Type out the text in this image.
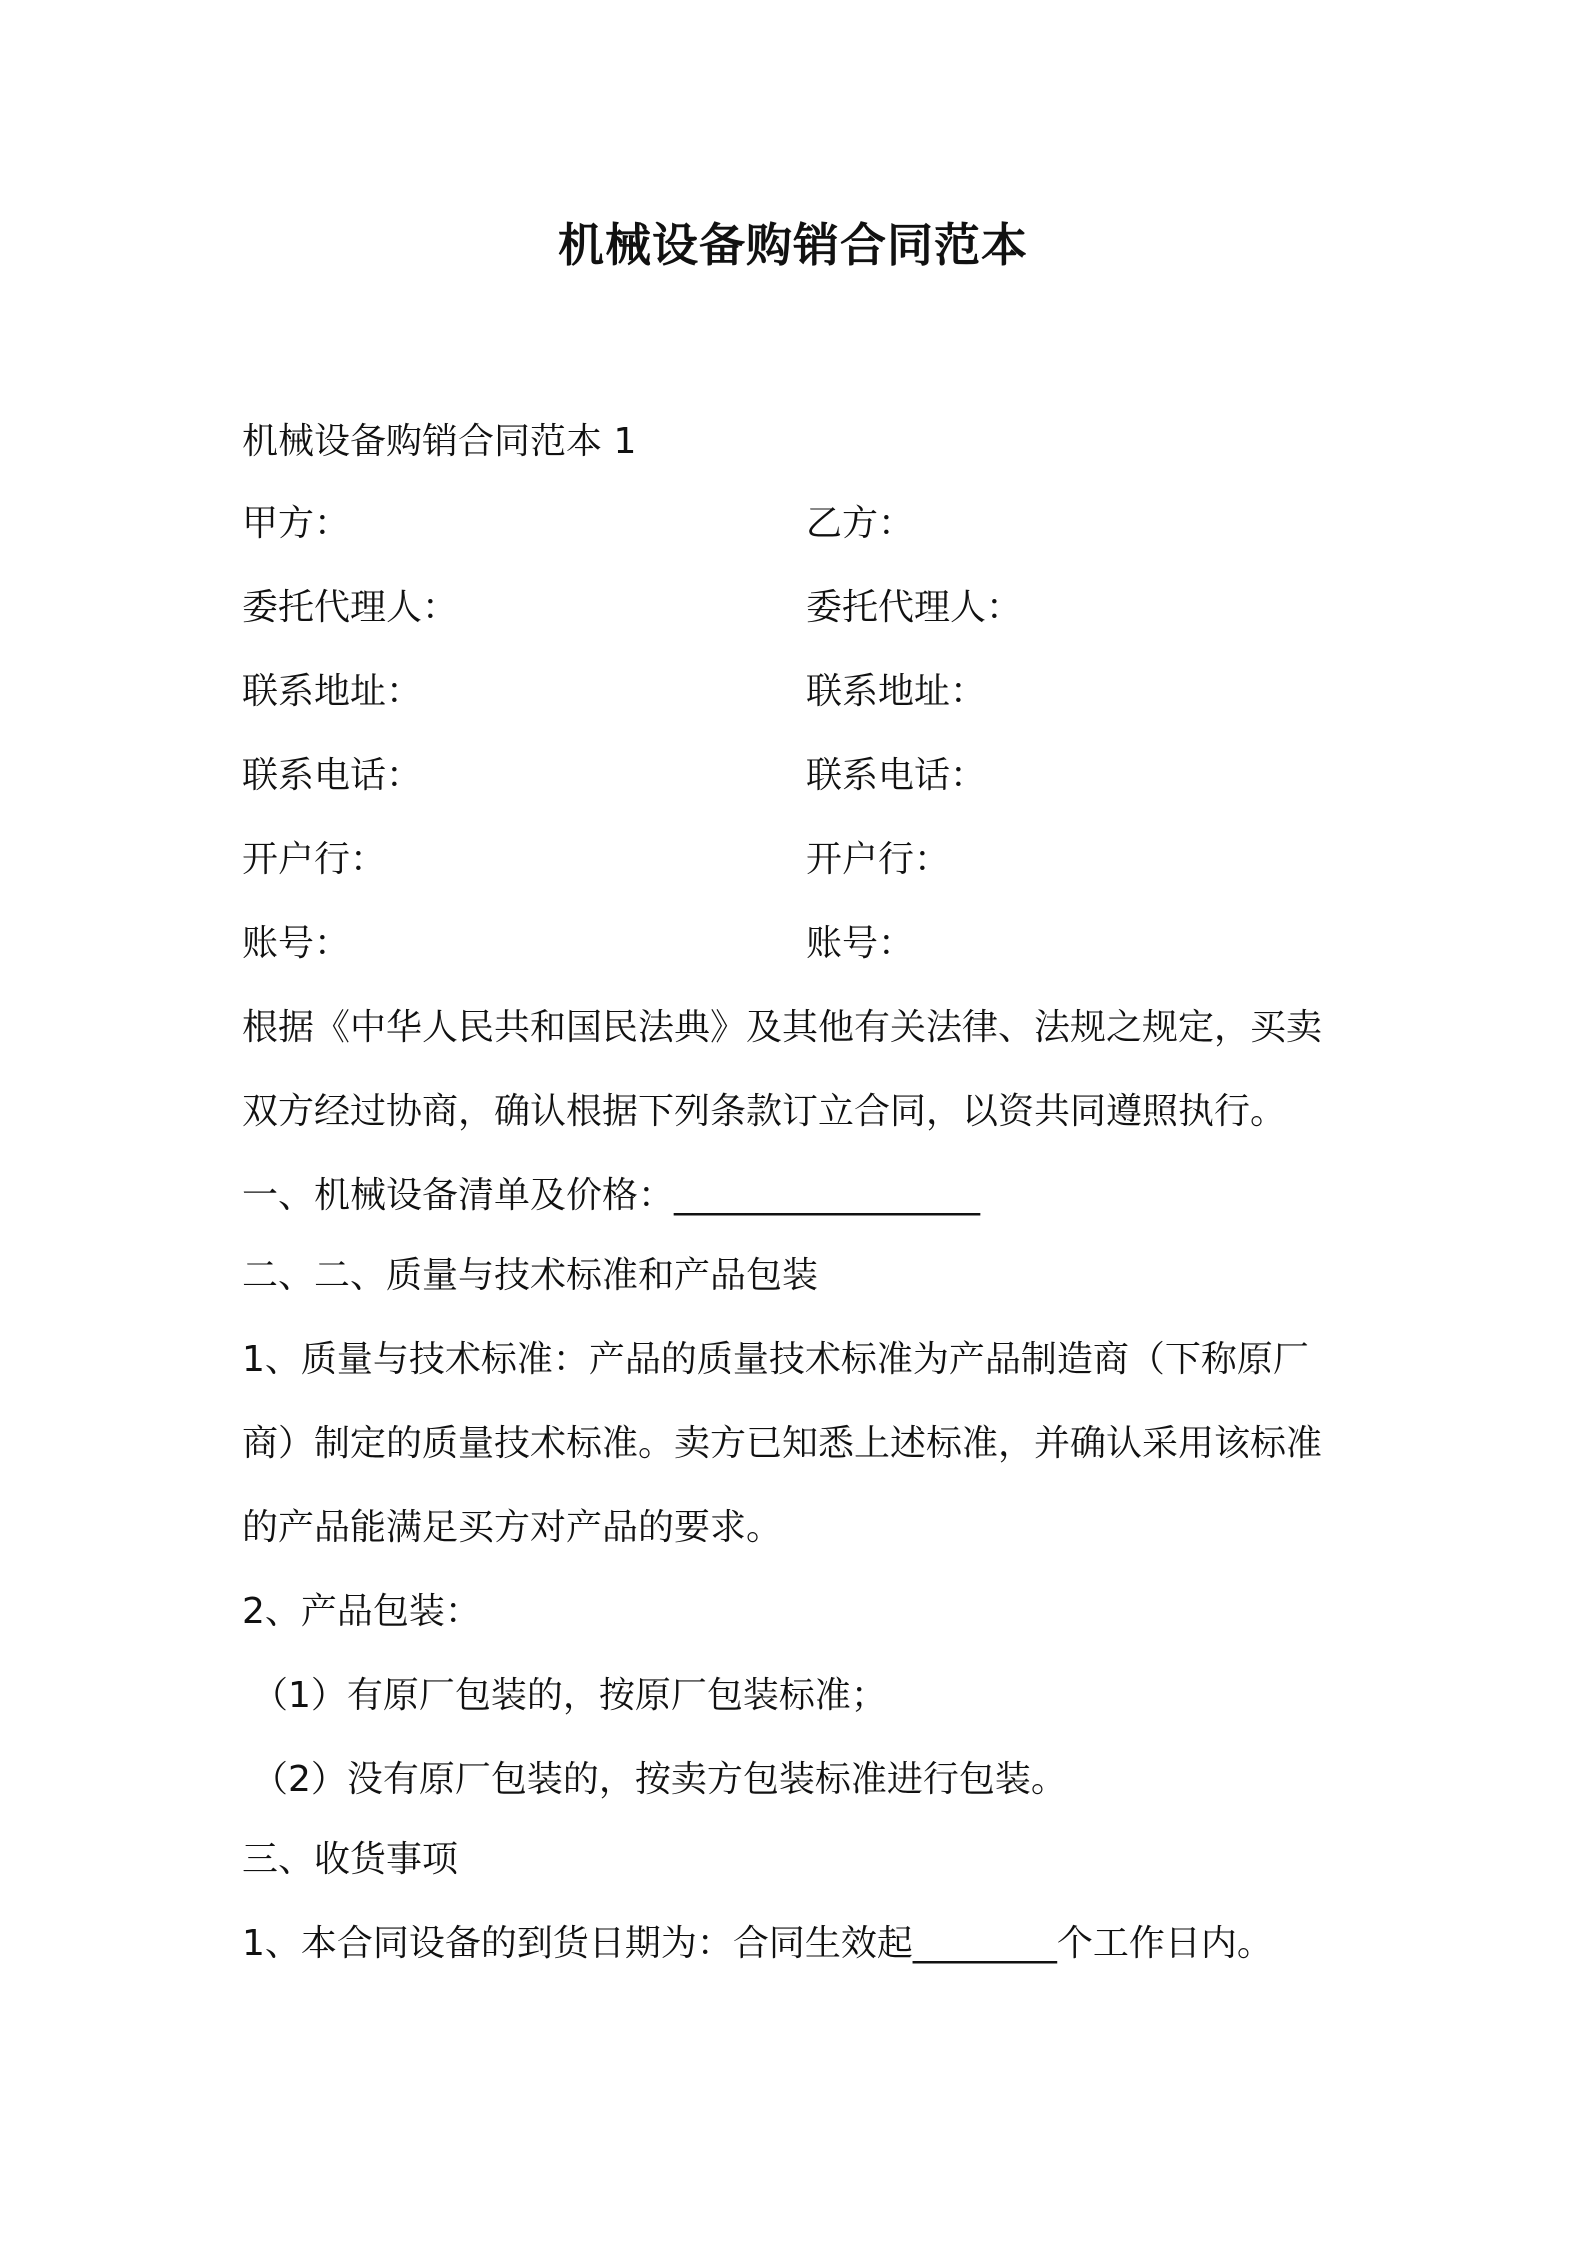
机械设备购销合同范本
机械设备购销合同范本 1
甲方：
委托代理人：
联系地址：
联系电话：
开户行：
账号：
乙方：
委托代理人：
联系地址：
联系电话：
开户行：
账号：
根据《中华人民共和国民法典》及其他有关法律、法规之规定，买卖
双方经过协商，确认根据下列条款订立合同，以资共同遵照执行。
一、机械设备清单及价格：_________________
二、二、质量与技术标准和产品包装
1、质量与技术标准：产品的质量技术标准为产品制造商（下称原厂
商）制定的质量技术标准。卖方已知悉上述标准，并确认采用该标准
的产品能满足买方对产品的要求。
2、产品包装：
（1）有原厂包装的，按原厂包装标准；
（2）没有原厂包装的，按卖方包装标准进行包装。
三、收货事项
1、本合同设备的到货日期为：合同生效起________个工作日内。
